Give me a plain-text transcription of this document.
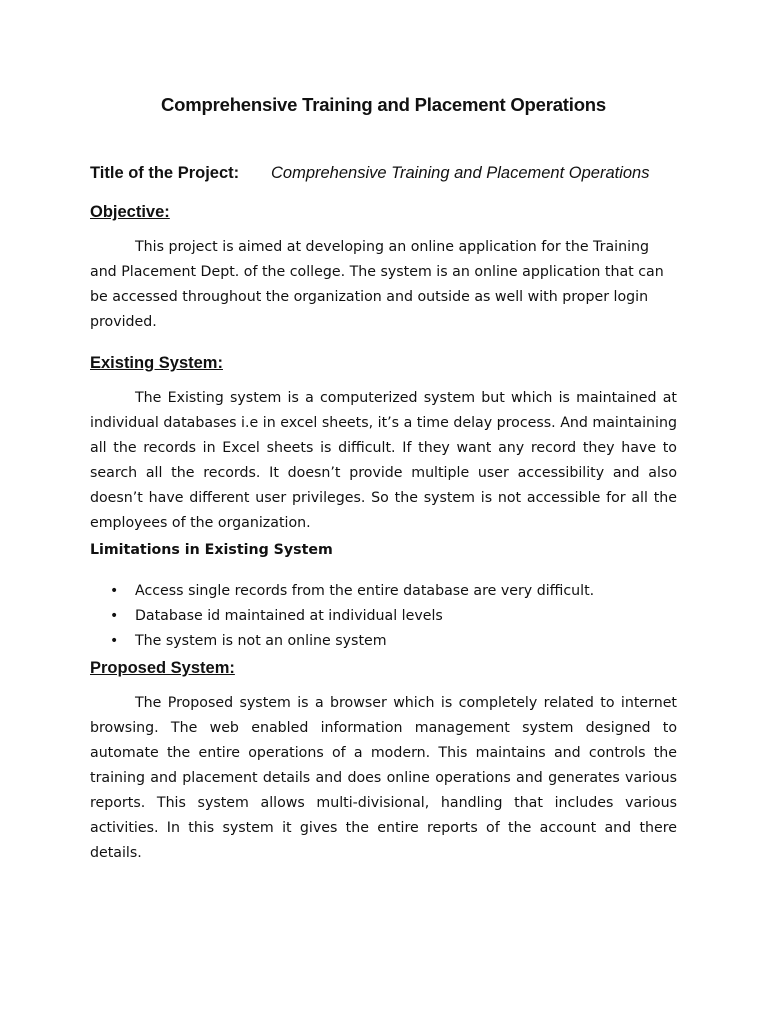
Comprehensive Training and Placement Operations
Title of the Project: Comprehensive Training and Placement Operations
Objective:

This project is aimed at developing an online application for the Training and Placement Dept. of the college. The system is an online application that can be accessed throughout the organization and outside as well with proper login provided.

Existing System:

The Existing system is a computerized system but which is maintained at individual databases i.e in excel sheets, it’s a time delay process. And maintaining all the records in Excel sheets is difficult. If they want any record they have to search all the records. It doesn’t provide multiple user accessibility and also doesn’t have different user privileges. So the system is not accessible for all the employees of the organization.

Limitations in Existing System
• Access single records from the entire database are very difficult.
• Database id maintained at individual levels
• The system is not an online system
Proposed System:

The Proposed system is a browser which is completely related to internet browsing. The web enabled information management system designed to automate the entire operations of a modern. This maintains and controls the training and placement details and does online operations and generates various reports. This system allows multi-divisional, handling that includes various activities. In this system it gives the entire reports of the account and there details.
